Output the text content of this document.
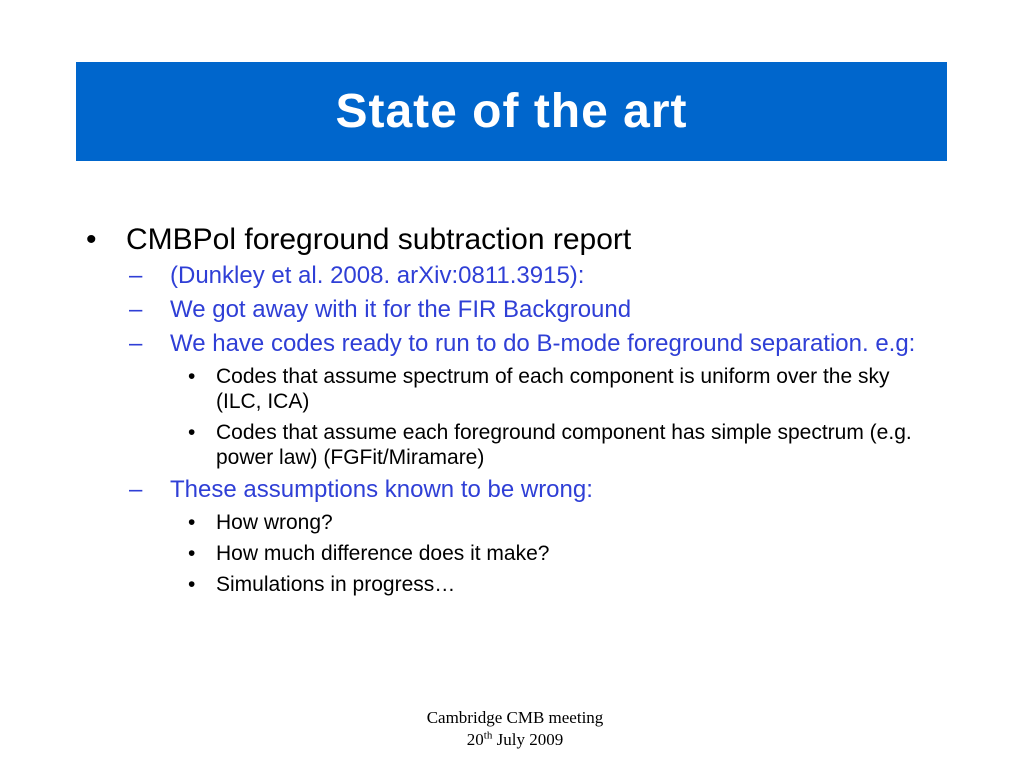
State of the art
• CMBPol foreground subtraction report
–	(Dunkley et al. 2008. arXiv:0811.3915):
–	We got away with it for the FIR Background
–	We have codes ready to run to do B-mode foreground separation. e.g:
• Codes that assume spectrum of each component is uniform over the sky (ILC, ICA)
• Codes that assume each foreground component has simple spectrum (e.g. power law) (FGFit/Miramare)
–	These assumptions known to be wrong:
• How wrong?
• How much difference does it make?
• Simulations in progress…
Cambridge CMB meeting
20th July 2009
